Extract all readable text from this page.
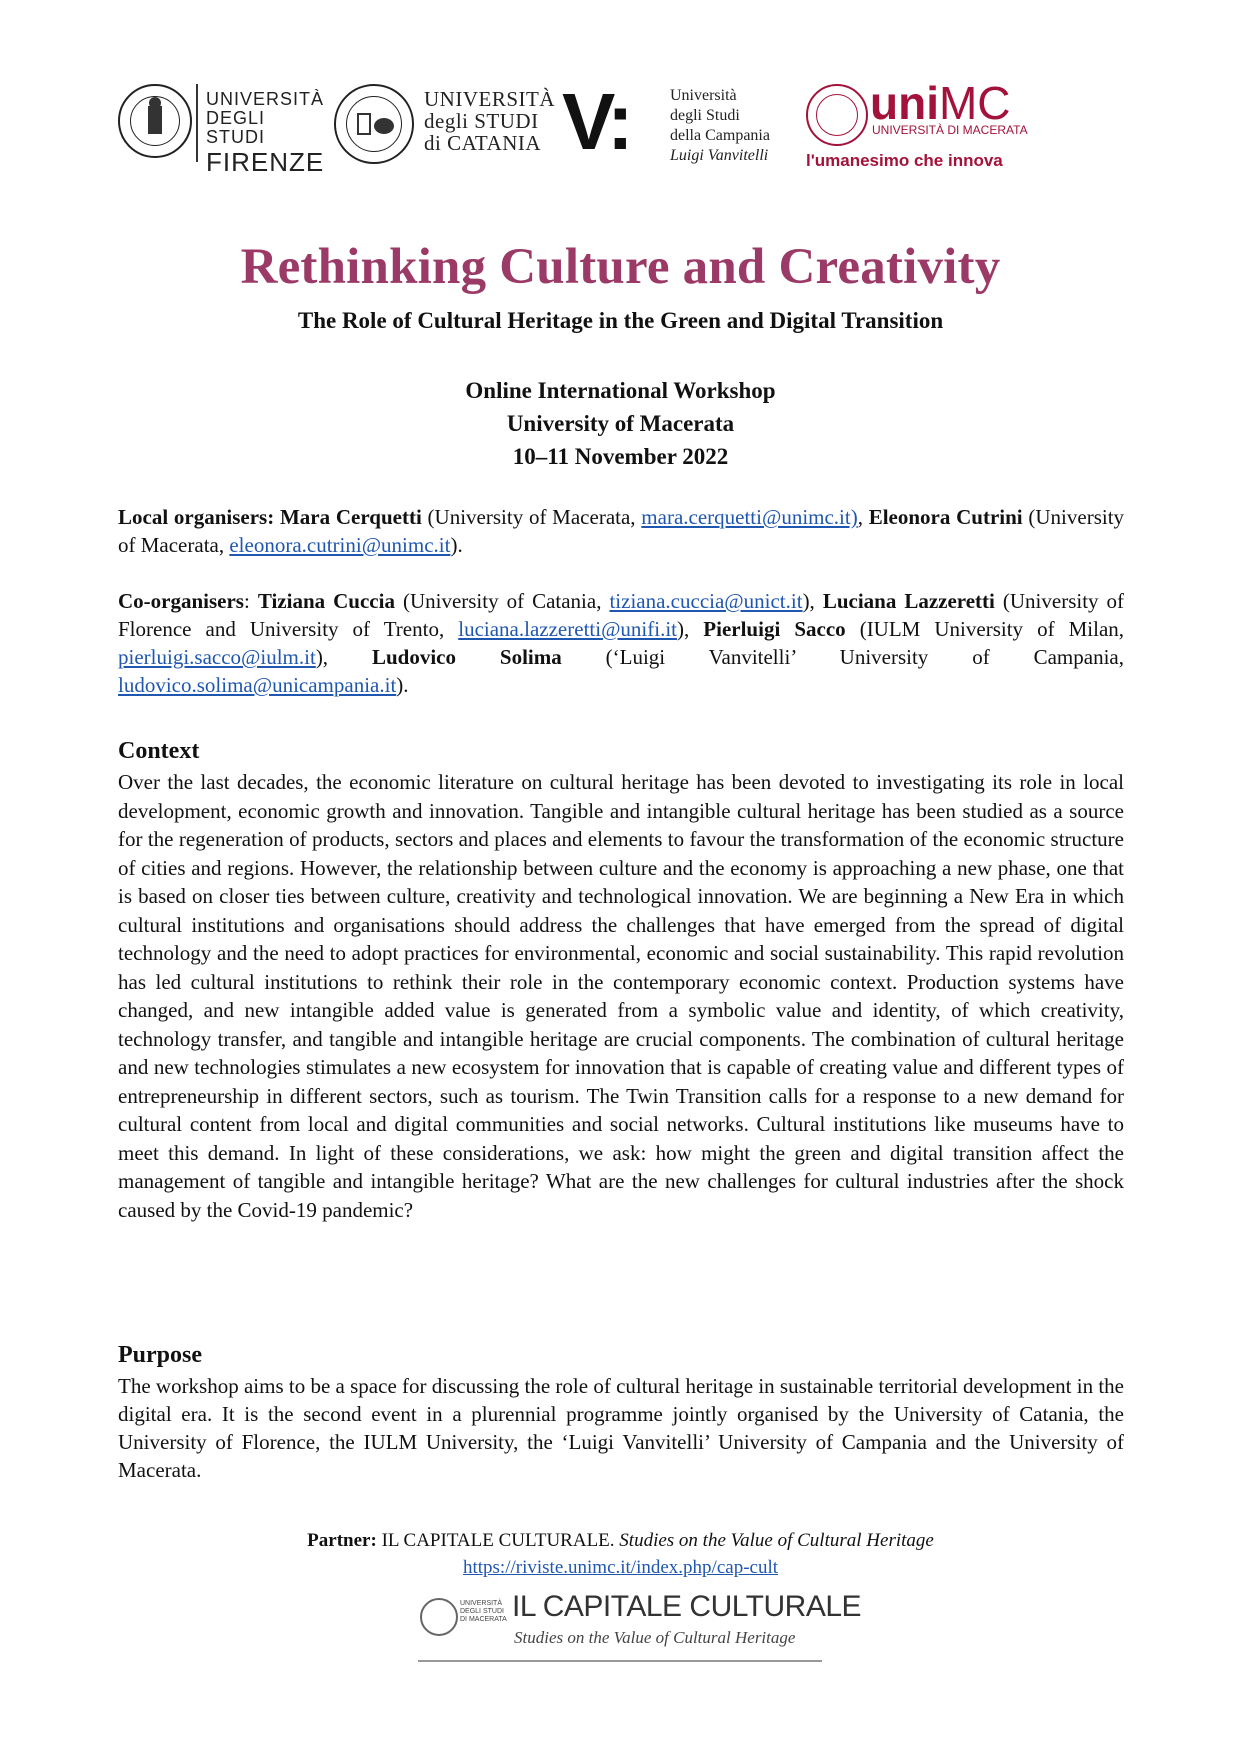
UNIVERSITÀ
DEGLI STUDI
FIRENZE
UNIVERSITÀ
degli STUDI
di CATANIA V:	Università
degli Studi
della Campania
Luigi Vanvitelli
uniMC
UNIVERSITÀ DI MACERATA
l'umanesimo che innova
Rethinking Culture and Creativity
The Role of Cultural Heritage in the Green and Digital Transition
Online International Workshop
University of Macerata
10–11 November 2022
Local organisers: Mara Cerquetti (University of Macerata, mara.cerquetti@unimc.it), Eleonora Cutrini (University of Macerata, eleonora.cutrini@unimc.it).
Co-organisers: Tiziana Cuccia (University of Catania, tiziana.cuccia@unict.it), Luciana Lazzeretti (University of Florence and University of Trento, luciana.lazzeretti@unifi.it), Pierluigi Sacco (IULM University of Milan, pierluigi.sacco@iulm.it), Ludovico Solima (‘Luigi Vanvitelli’ University of Campania, ludovico.solima@unicampania.it).
Context
Over the last decades, the economic literature on cultural heritage has been devoted to investigating its role in local development, economic growth and innovation. Tangible and intangible cultural heritage has been studied as a source for the regeneration of products, sectors and places and elements to favour the transformation of the economic structure of cities and regions. However, the relationship between culture and the economy is approaching a new phase, one that is based on closer ties between culture, creativity and technological innovation. We are beginning a New Era in which cultural institutions and organisations should address the challenges that have emerged from the spread of digital technology and the need to adopt practices for environmental, economic and social sustainability. This rapid revolution has led cultural institutions to rethink their role in the contemporary economic context. Production systems have changed, and new intangible added value is generated from a symbolic value and identity, of which creativity, technology transfer, and tangible and intangible heritage are crucial components. The combination of cultural heritage and new technologies stimulates a new ecosystem for innovation that is capable of creating value and different types of entrepreneurship in different sectors, such as tourism. The Twin Transition calls for a response to a new demand for cultural content from local and digital communities and social networks. Cultural institutions like museums have to meet this demand. In light of these considerations, we ask: how might the green and digital transition affect the management of tangible and intangible heritage? What are the new challenges for cultural industries after the shock caused by the Covid-19 pandemic?
Purpose
The workshop aims to be a space for discussing the role of cultural heritage in sustainable territorial development in the digital era. It is the second event in a plurennial programme jointly organised by the University of Catania, the University of Florence, the IULM University, the ‘Luigi Vanvitelli’ University of Campania and the University of Macerata.
Partner: IL CAPITALE CULTURALE. Studies on the Value of Cultural Heritage
https://riviste.unimc.it/index.php/cap-cult
UNIVERSITÀ
DEGLI STUDI
DI MACERATA IL CAPITALE CULTURALE
Studies on the Value of Cultural Heritage
